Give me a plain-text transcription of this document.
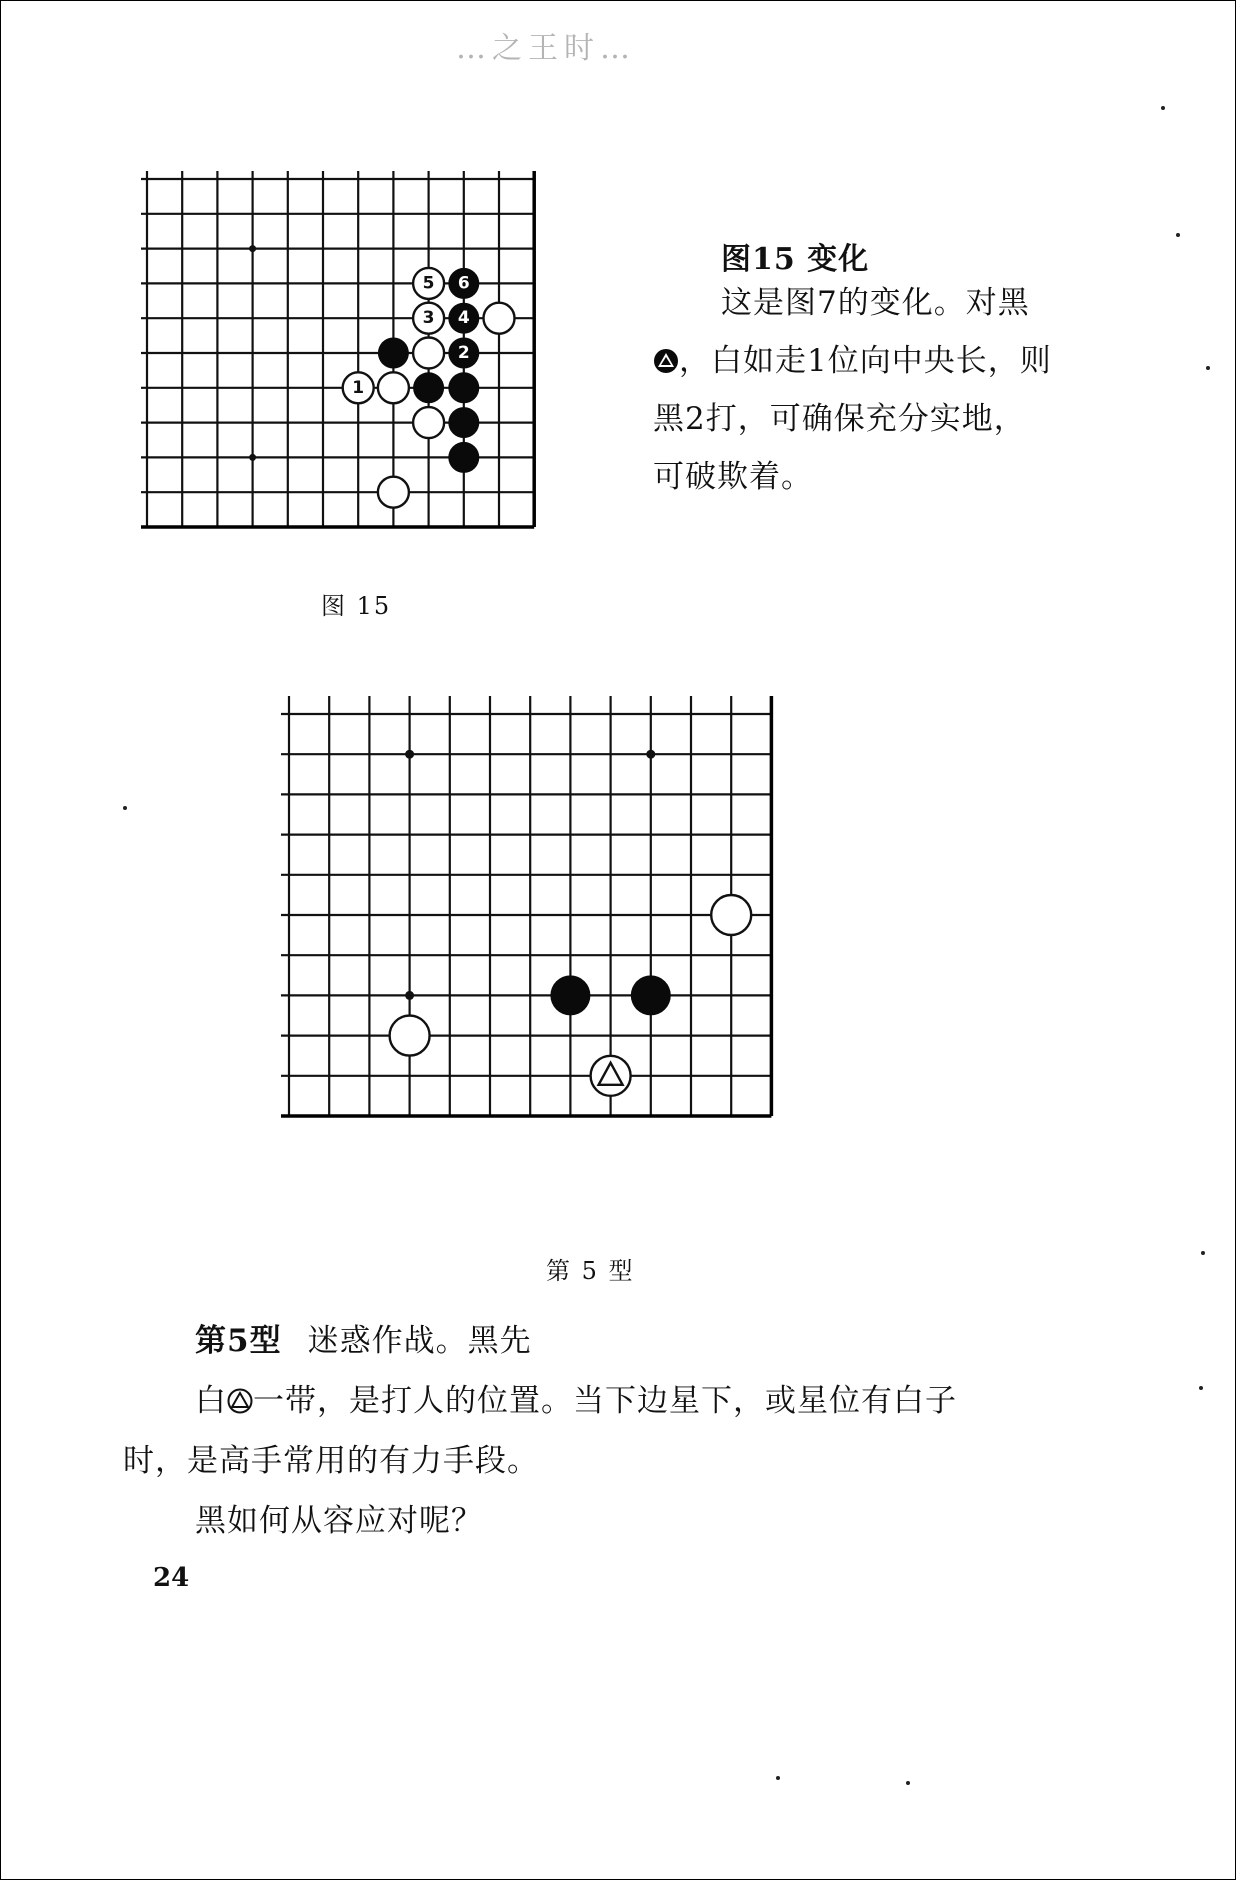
…之王时…
5 6
3 4
2
1
图 15
图15 变化
这是图7的变化。对黑，白如走1位向中央长，则黑2打，可确保充分实地，可破欺着。
第 5 型
第5型 迷惑作战。黑先
白 一带，是打人的位置。当下边星下，或星位有白子
时，是高手常用的有力手段。
黑如何从容应对呢？
24
